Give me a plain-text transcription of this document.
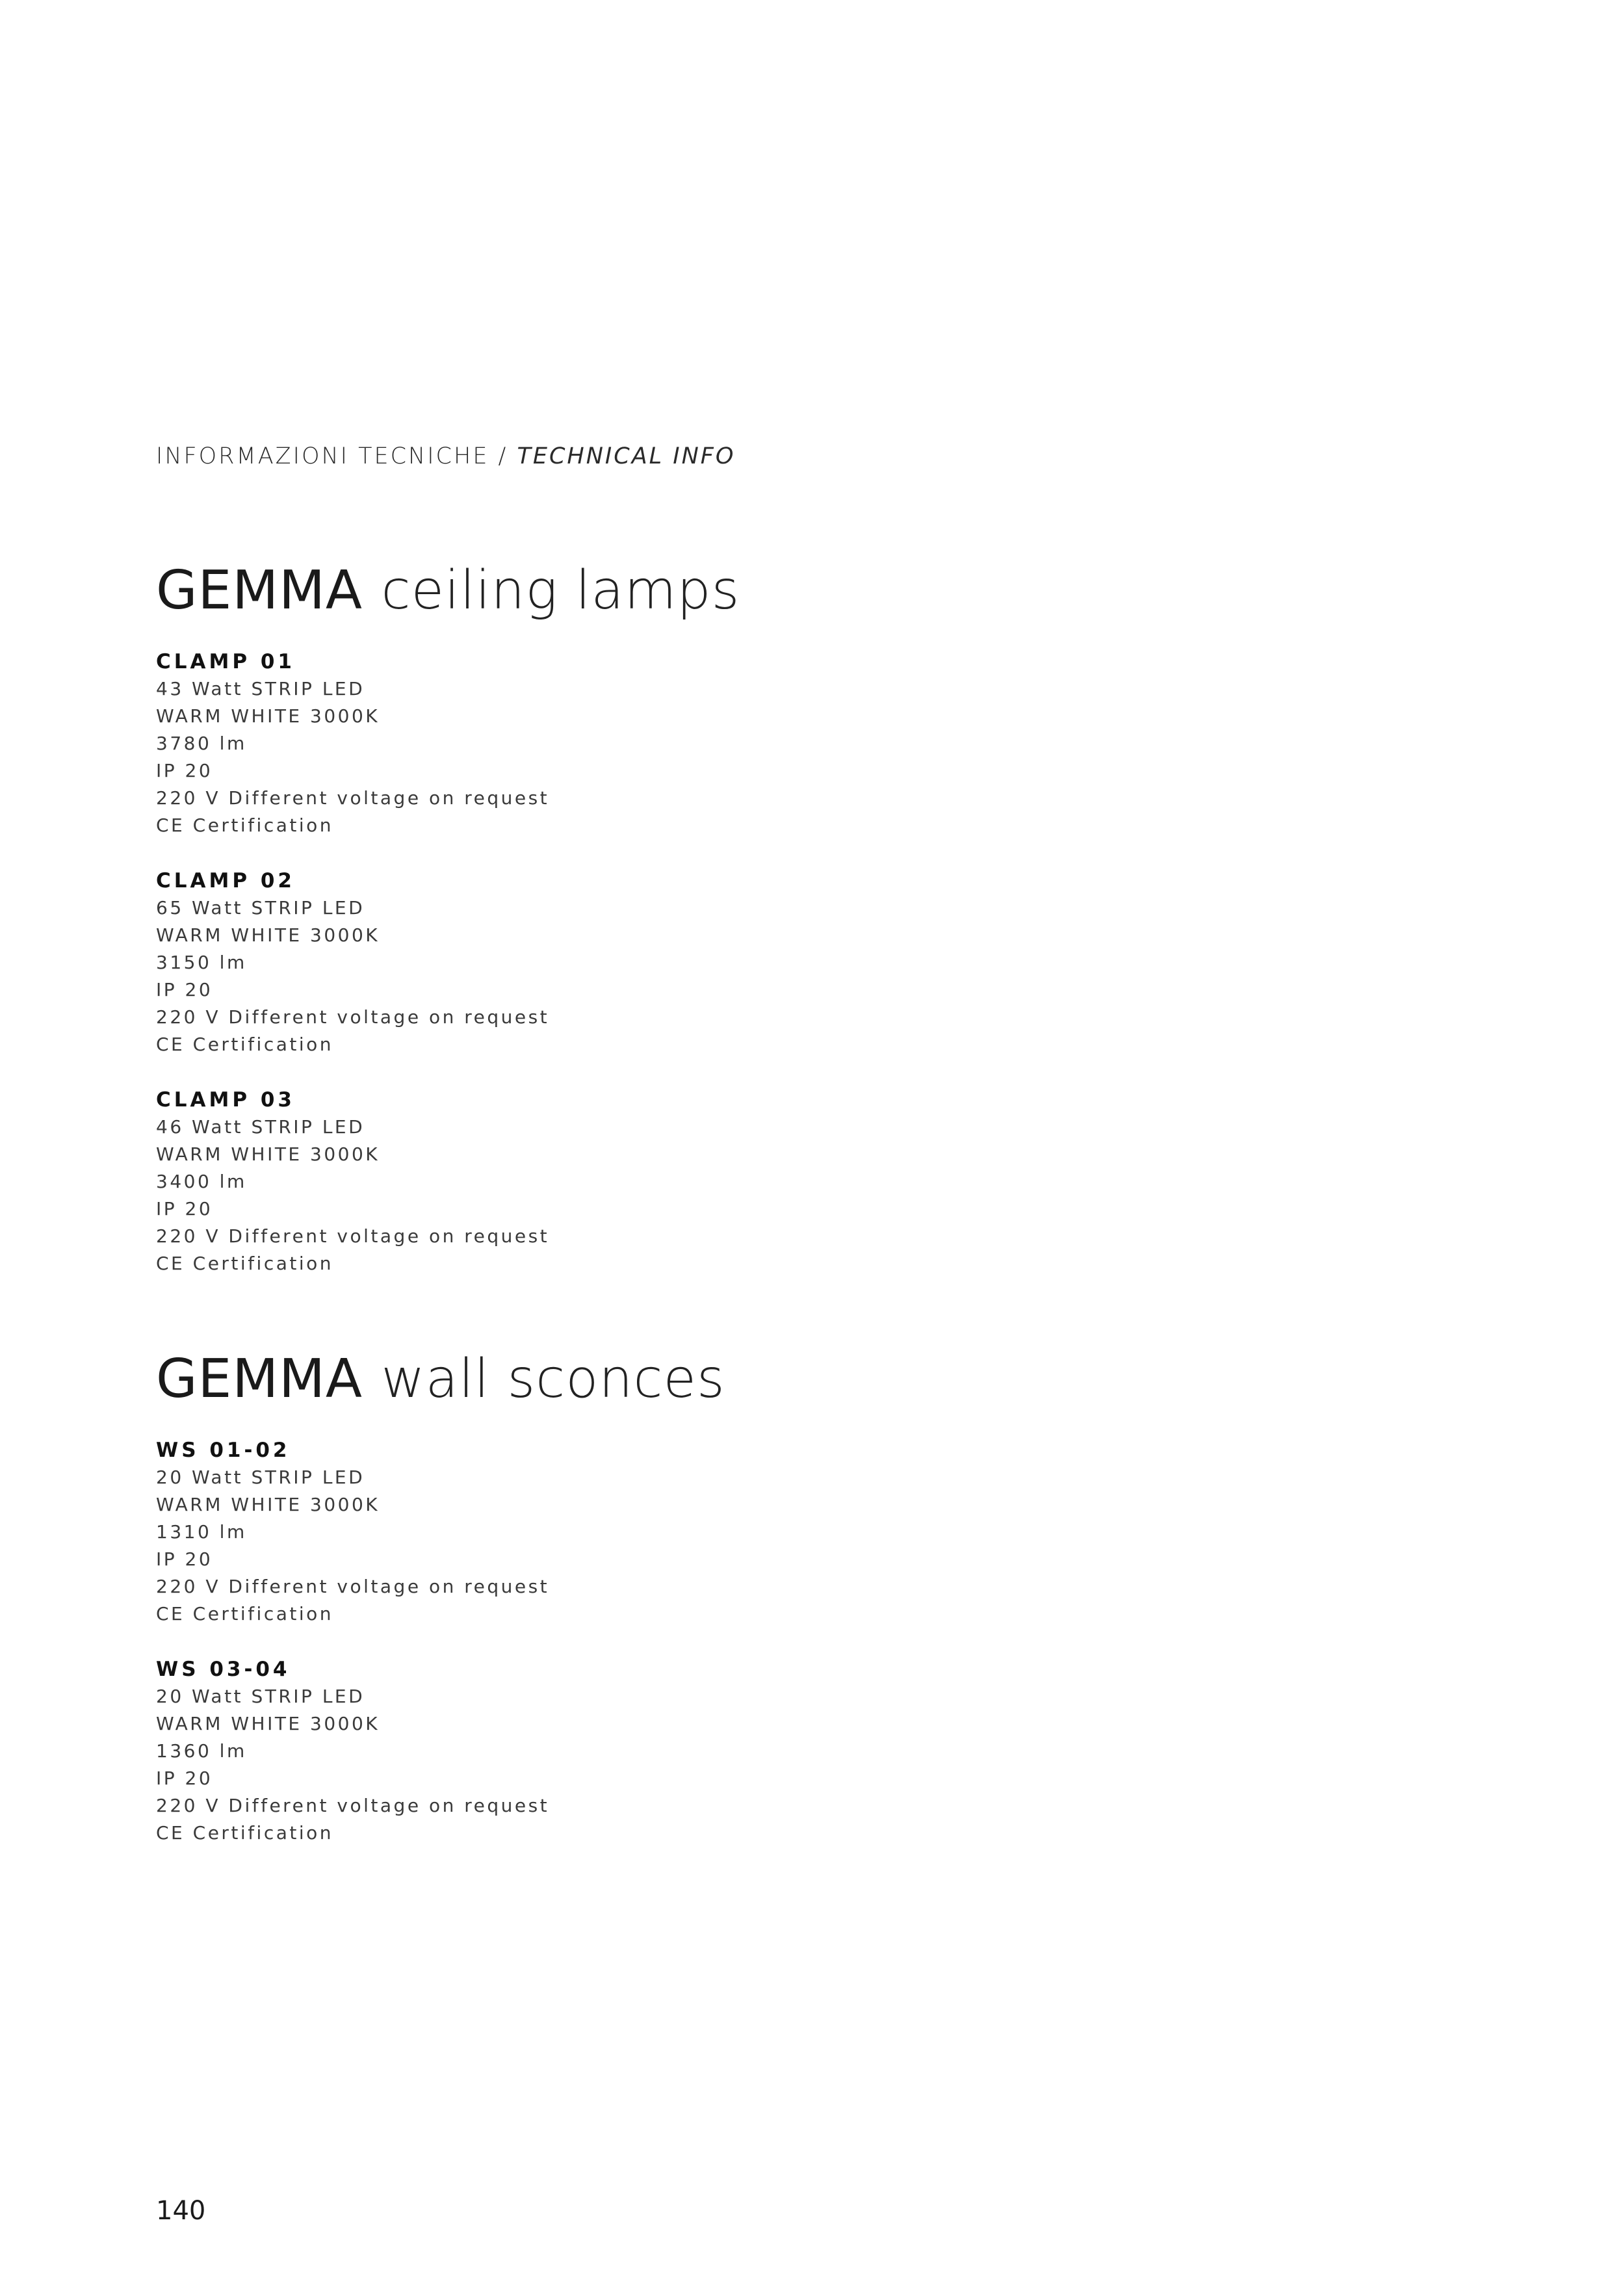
INFORMAZIONI TECNICHE / TECHNICAL INFO
GEMMA ceiling lamps
CLAMP 01
43 Watt STRIP LED
WARM WHITE 3000K
3780 lm
IP 20
220 V Different voltage on request
CE Certification
CLAMP 02
65 Watt STRIP LED
WARM WHITE 3000K
3150 lm
IP 20
220 V Different voltage on request
CE Certification
CLAMP 03
46 Watt STRIP LED
WARM WHITE 3000K
3400 lm
IP 20
220 V Different voltage on request
CE Certification
GEMMA wall sconces
WS 01-02
20 Watt STRIP LED
WARM WHITE 3000K
1310 lm
IP 20
220 V Different voltage on request
CE Certification
WS 03-04
20 Watt STRIP LED
WARM WHITE 3000K
1360 lm
IP 20
220 V Different voltage on request
CE Certification
140
